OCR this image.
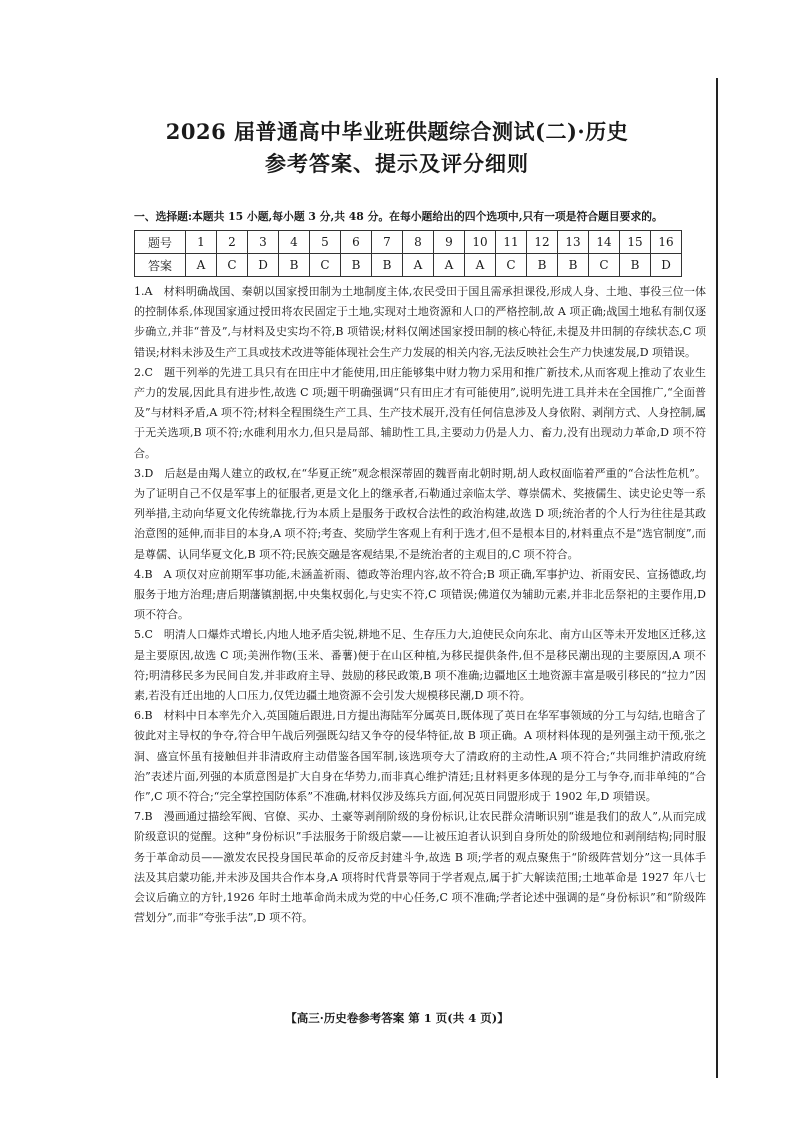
2026 届普通高中毕业班供题综合测试(二)·历史
参考答案、提示及评分细则
一、选择题:本题共 15 小题,每小题 3 分,共 48 分。在每小题给出的四个选项中,只有一项是符合题目要求的。
题号	1	2	3	4	5	6	7	8	9	10	11	12	13	14	15	16
答案	A	C	D	B	C	B	B	A	A	A	C	B	B	C	B	D

1.A  材料明确战国、秦朝以国家授田制为土地制度主体,农民受田于国且需承担课役,形成人身、土地、事役三位一体的控制体系,体现国家通过授田将农民固定于土地,实现对土地资源和人口的严格控制,故 A 项正确;战国土地私有制仅逐步确立,并非“普及”,与材料及史实均不符,B 项错误;材料仅阐述国家授田制的核心特征,未提及井田制的存续状态,C 项错误;材料未涉及生产工具或技术改进等能体现社会生产力发展的相关内容,无法反映社会生产力快速发展,D 项错误。

2.C  题干列举的先进工具只有在田庄中才能使用,田庄能够集中财力物力采用和推广新技术,从而客观上推动了农业生产力的发展,因此具有进步性,故选 C 项;题干明确强调“只有田庄才有可能使用”,说明先进工具并未在全国推广,“全面普及”与材料矛盾,A 项不符;材料全程围绕生产工具、生产技术展开,没有任何信息涉及人身依附、剥削方式、人身控制,属于无关选项,B 项不符;水碓利用水力,但只是局部、辅助性工具,主要动力仍是人力、畜力,没有出现动力革命,D 项不符合。

3.D  后赵是由羯人建立的政权,在“华夏正统”观念根深蒂固的魏晋南北朝时期,胡人政权面临着严重的“合法性危机”。为了证明自己不仅是军事上的征服者,更是文化上的继承者,石勒通过亲临太学、尊崇儒术、奖掖儒生、读史论史等一系列举措,主动向华夏文化传统靠拢,行为本质上是服务于政权合法性的政治构建,故选 D 项;统治者的个人行为往往是其政治意图的延伸,而非目的本身,A 项不符;考查、奖励学生客观上有利于选才,但不是根本目的,材料重点不是“选官制度”,而是尊儒、认同华夏文化,B 项不符;民族交融是客观结果,不是统治者的主观目的,C 项不符合。

4.B  A 项仅对应前期军事功能,未涵盖祈雨、德政等治理内容,故不符合;B 项正确,军事护边、祈雨安民、宣扬德政,均服务于地方治理;唐后期藩镇割据,中央集权弱化,与史实不符,C 项错误;佛道仅为辅助元素,并非北岳祭祀的主要作用,D 项不符合。

5.C  明清人口爆炸式增长,内地人地矛盾尖锐,耕地不足、生存压力大,迫使民众向东北、南方山区等未开发地区迁移,这是主要原因,故选 C 项;美洲作物(玉米、番薯)便于在山区种植,为移民提供条件,但不是移民潮出现的主要原因,A 项不符;明清移民多为民间自发,并非政府主导、鼓励的移民政策,B 项不准确;边疆地区土地资源丰富是吸引移民的“拉力”因素,若没有迁出地的人口压力,仅凭边疆土地资源不会引发大规模移民潮,D 项不符。

6.B  材料中日本率先介入,英国随后跟进,日方提出海陆军分属英日,既体现了英日在华军事领域的分工与勾结,也暗含了彼此对主导权的争夺,符合甲午战后列强既勾结又争夺的侵华特征,故 B 项正确。A 项材料体现的是列强主动干预,张之洞、盛宣怀虽有接触但并非清政府主动借鉴各国军制,该选项夸大了清政府的主动性,A 项不符合;“共同维护清政府统治”表述片面,列强的本质意图是扩大自身在华势力,而非真心维护清廷;且材料更多体现的是分工与争夺,而非单纯的“合作”,C 项不符合;“完全掌控国防体系”不准确,材料仅涉及练兵方面,何况英日同盟形成于 1902 年,D 项错误。

7.B  漫画通过描绘军阀、官僚、买办、土豪等剥削阶级的身份标识,让农民群众清晰识别“谁是我们的敌人”,从而完成阶级意识的觉醒。这种“身份标识”手法服务于阶级启蒙——让被压迫者认识到自身所处的阶级地位和剥削结构;同时服务于革命动员——激发农民投身国民革命的反帝反封建斗争,故选 B 项;学者的观点聚焦于“阶级阵营划分”这一具体手法及其启蒙功能,并未涉及国共合作本身,A 项将时代背景等同于学者观点,属于扩大解读范围;土地革命是 1927 年八七会议后确立的方针,1926 年时土地革命尚未成为党的中心任务,C 项不准确;学者论述中强调的是“身份标识”和“阶级阵营划分”,而非“夸张手法”,D 项不符。

【高三·历史卷参考答案 第 1 页(共 4 页)】
